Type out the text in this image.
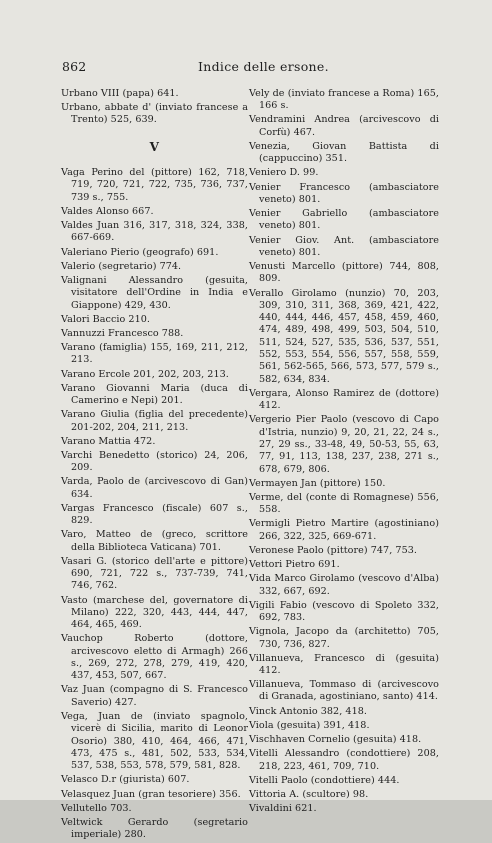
862	Indice delle ersone.

Urbano VIII (papa) 641.

Urbano, abbate d' (inviato francese a Trento) 525, 639.

V

Vaga Perino del (pittore) 162, 718, 719, 720, 721, 722, 735, 736, 737, 739 s., 755.

Valdes Alonso 667.

Valdes Juan 316, 317, 318, 324, 338, 667-669.

Valeriano Pierio (geografo) 691.

Valerio (segretario) 774.

Valignani Alessandro (gesuita, visitatore dell'Ordine in India e Giappone) 429, 430.

Valori Baccio 210.

Vannuzzi Francesco 788.

Varano (famiglia) 155, 169, 211, 212, 213.

Varano Ercole 201, 202, 203, 213.

Varano Giovanni Maria (duca di Camerino e Nepi) 201.

Varano Giulia (figlia del precedente) 201-202, 204, 211, 213.

Varano Mattia 472.

Varchi Benedetto (storico) 24, 206, 209.

Varda, Paolo de (arcivescovo di Gan) 634.

Vargas Francesco (fiscale) 607 s., 829.

Varo, Matteo de (greco, scrittore della Biblioteca Vaticana) 701.

Vasari G. (storico dell'arte e pittore) 690, 721, 722 s., 737-739, 741, 746, 762.

Vasto (marchese del, governatore di Milano) 222, 320, 443, 444, 447, 464, 465, 469.

Vauchop Roberto (dottore, arcivescovo eletto di Armagh) 266 s., 269, 272, 278, 279, 419, 420, 437, 453, 507, 667.

Vaz Juan (compagno di S. Francesco Saverio) 427.

Vega, Juan de (inviato spagnolo, vicerè di Sicilia, marito di Leonor Osorio) 380, 410, 464, 466, 471, 473, 475 s., 481, 502, 533, 534, 537, 538, 553, 578, 579, 581, 828.

Velasco D.r (giurista) 607.

Velasquez Juan (gran tesoriere) 356.

Vellutello 703.

Veltwick Gerardo (segretario imperiale) 280.

Vely de (inviato francese a Roma) 165, 166 s.

Vendramini Andrea (arcivescovo di Corfù) 467.

Venezia, Giovan Battista di (cappuccino) 351.

Veniero D. 99.

Venier Francesco (ambasciatore veneto) 801.

Venier Gabriello (ambasciatore veneto) 801.

Venier Giov. Ant. (ambasciatore veneto) 801.

Venusti Marcello (pittore) 744, 808, 809.

Verallo Girolamo (nunzio) 70, 203, 309, 310, 311, 368, 369, 421, 422, 440, 444, 446, 457, 458, 459, 460, 474, 489, 498, 499, 503, 504, 510, 511, 524, 527, 535, 536, 537, 551, 552, 553, 554, 556, 557, 558, 559, 561, 562-565, 566, 573, 577, 579 s., 582, 634, 834.

Vergara, Alonso Ramirez de (dottore) 412.

Vergerio Pier Paolo (vescovo di Capo d'Istria, nunzio) 9, 20, 21, 22, 24 s., 27, 29 ss., 33-48, 49, 50-53, 55, 63, 77, 91, 113, 138, 237, 238, 271 s., 678, 679, 806.

Vermayen Jan (pittore) 150.

Verme, del (conte di Romagnese) 556, 558.

Vermigli Pietro Martire (agostiniano) 266, 322, 325, 669-671.

Veronese Paolo (pittore) 747, 753.

Vettori Pietro 691.

Vida Marco Girolamo (vescovo d'Alba) 332, 667, 692.

Vigili Fabio (vescovo di Spoleto 332, 692, 783.

Vignola, Jacopo da (architetto) 705, 730, 736, 827.

Villanueva, Francesco di (gesuita) 412.

Villanueva, Tommaso di (arcivescovo di Granada, agostiniano, santo) 414.

Vinck Antonio 382, 418.

Viola (gesuita) 391, 418.

Vischhaven Cornelio (gesuita) 418.

Vitelli Alessandro (condottiere) 208, 218, 223, 461, 709, 710.

Vitelli Paolo (condottiere) 444.

Vittoria A. (scultore) 98.

Vivaldini 621.
